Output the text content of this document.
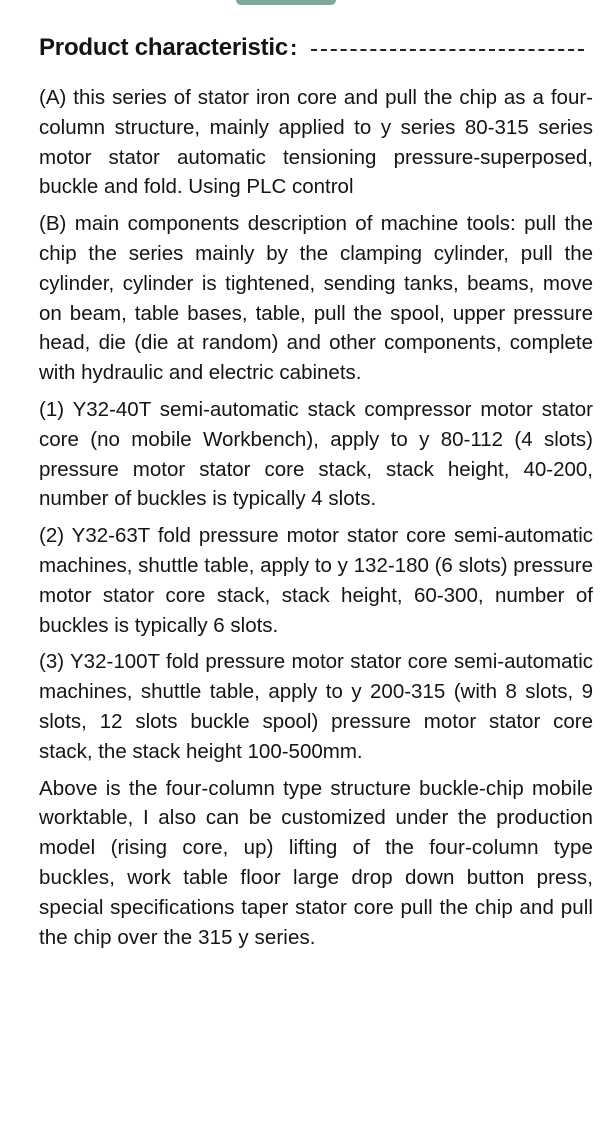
Product characteristic :

(A) this series of stator iron core and pull the chip as a four-column structure, mainly applied to y series 80-315 series motor stator automatic tensioning pressure-superposed, buckle and fold. Using PLC control

(B) main components description of machine tools: pull the chip the series mainly by the clamping cylinder, pull the cylinder, cylinder is tightened, sending tanks, beams, move on beam, table bases, table, pull the spool, upper pressure head, die (die at random) and other components, complete with hydraulic and electric cabinets.

(1) Y32-40T semi-automatic stack compressor motor stator core (no mobile Workbench), apply to y 80-112 (4 slots) pressure motor stator core stack, stack height, 40-200, number of buckles is typically 4 slots.

(2) Y32-63T fold pressure motor stator core semi-automatic machines, shuttle table, apply to y 132-180 (6 slots) pressure motor stator core stack, stack height, 60-300, number of buckles is typically 6 slots.

(3) Y32-100T fold pressure motor stator core semi-automatic machines, shuttle table, apply to y 200-315 (with 8 slots, 9 slots, 12 slots buckle spool) pressure motor stator core stack, the stack height 100-500mm.

Above is the four-column type structure buckle-chip mobile worktable, I also can be customized under the production model (rising core, up) lifting of the four-column type buckles, work table floor large drop down button press, special specifications taper stator core pull the chip and pull the chip over the 315 y series.
